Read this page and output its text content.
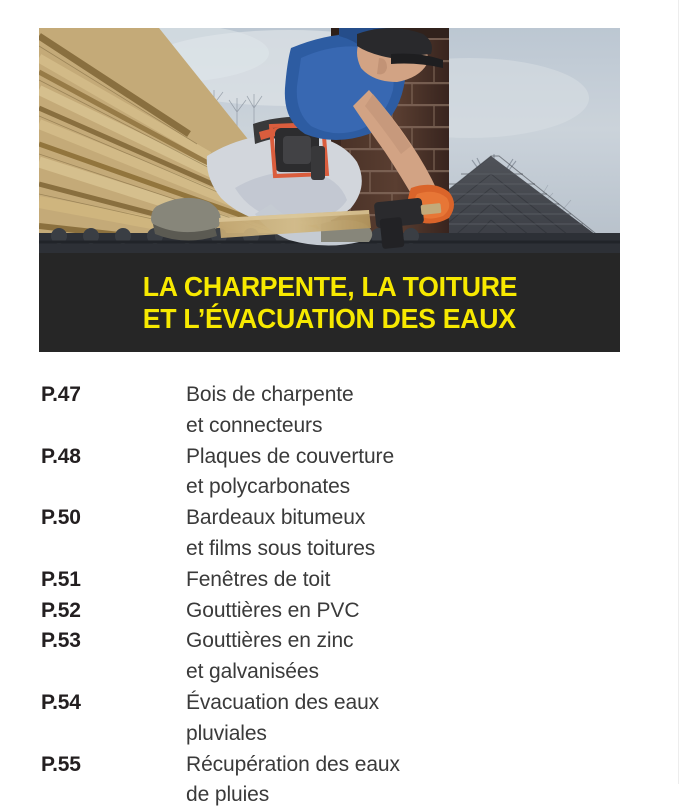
LA CHARPENTE, LA TOITURE
ET L’ÉVACUATION DES EAUX
P.47	Bois de charpente
et connecteurs
P.48	Plaques de couverture
et polycarbonates
P.50	Bardeaux bitumeux
et films sous toitures
P.51	Fenêtres de toit
P.52	Gouttières en PVC
P.53	Gouttières en zinc
et galvanisées
P.54	Évacuation des eaux
pluviales
P.55	Récupération des eaux
de pluies
